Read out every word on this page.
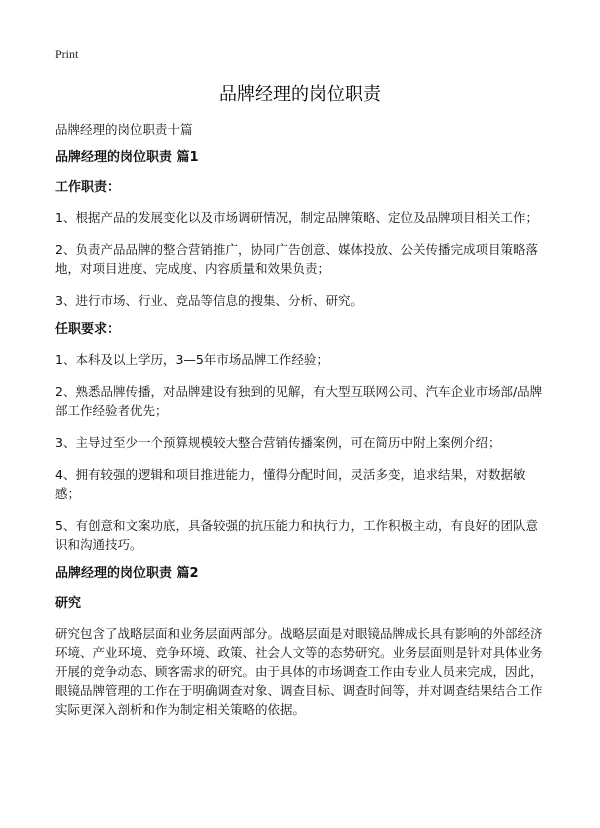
Print
品牌经理的岗位职责
品牌经理的岗位职责十篇

品牌经理的岗位职责 篇1

工作职责：

1、根据产品的发展变化以及市场调研情况，制定品牌策略、定位及品牌项目相关工作；

2、负责产品品牌的整合营销推广，协同广告创意、媒体投放、公关传播完成项目策略落地，对项目进度、完成度、内容质量和效果负责；

3、进行市场、行业、竞品等信息的搜集、分析、研究。

任职要求：

1、本科及以上学历，3—5年市场品牌工作经验；

2、熟悉品牌传播，对品牌建设有独到的见解，有大型互联网公司、汽车企业市场部/品牌部工作经验者优先；

3、主导过至少一个预算规模较大整合营销传播案例，可在简历中附上案例介绍；

4、拥有较强的逻辑和项目推进能力，懂得分配时间，灵活多变，追求结果，对数据敏感；

5、有创意和文案功底，具备较强的抗压能力和执行力，工作积极主动，有良好的团队意识和沟通技巧。

品牌经理的岗位职责 篇2

研究

研究包含了战略层面和业务层面两部分。战略层面是对眼镜品牌成长具有影响的外部经济环境、产业环境、竞争环境、政策、社会人文等的态势研究。业务层面则是针对具体业务开展的竞争动态、顾客需求的研究。由于具体的市场调查工作由专业人员来完成，因此，眼镜品牌管理的工作在于明确调查对象、调查目标、调查时间等，并对调查结果结合工作实际更深入剖析和作为制定相关策略的依据。
